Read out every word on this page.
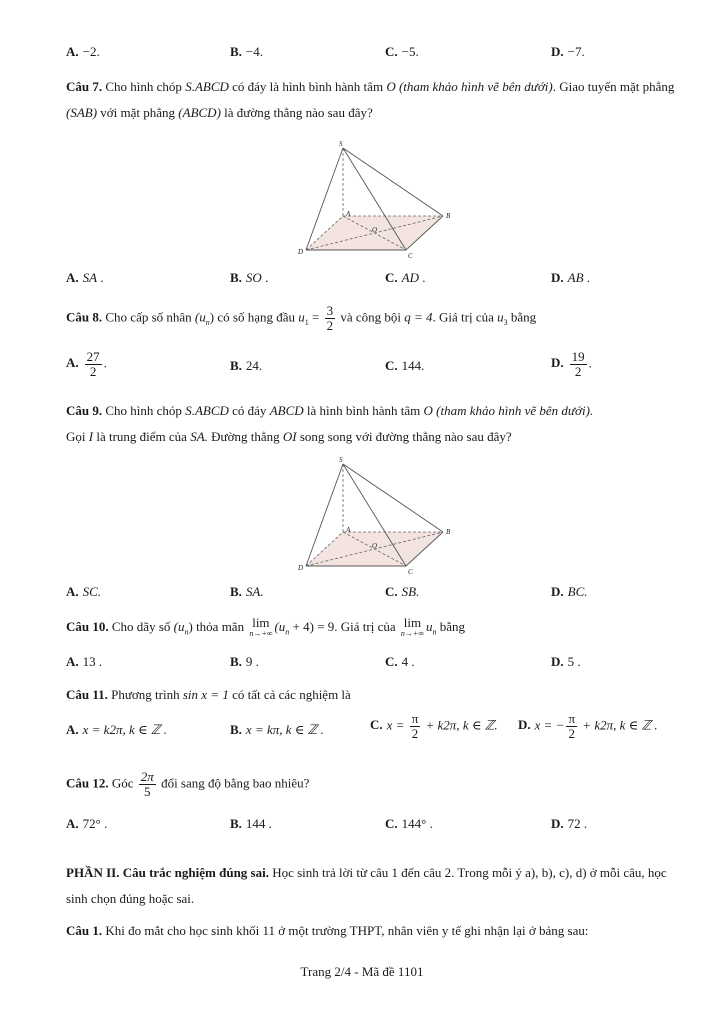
A. −2.	B. −4.	C. −5.	D. −7.
Câu 7. Cho hình chóp S.ABCD có đáy là hình bình hành tâm O (tham khảo hình vẽ bên dưới). Giao tuyến mặt phẳng (SAB) với mặt phẳng (ABCD) là đường thẳng nào sau đây?
S
A	B
C
D
O
A. SA .	B. SO .	C. AD .	D. AB .
Câu 8. Cho cấp số nhân $(u_n)$ có số hạng đầu $u_1 = \frac{3}{2}$ và công bội q = 4. Giá trị của $u_3$ bằng
A. $\frac{27}{2}$ .	B. 24.	C. 144.	D. $\frac{19}{2}$ .
Câu 9. Cho hình chóp S.ABCD có đáy ABCD là hình bình hành tâm O (tham khảo hình vẽ bên dưới).
Gọi I là trung điểm của SA. Đường thẳng OI song song với đường thẳng nào sau đây?
S
A	B
C
D
O
A. SC.	B. SA.	C. SB.	D. BC.
Câu 10. Cho dãy số $(u_n)$ thỏa mãn lim
n→+∞ $(u_n + 4) = 9$. Giá trị của lim
n→+∞ $u_n$ bằng
A. 13 .	B. 9 .	C. 4 .	D. 5 .
Câu 11. Phương trình sin x = 1 có tất cả các nghiệm là
A. x = k2π, k ∈ ℤ .	B. x = kπ, k ∈ ℤ .	C. $x = \frac{\pi}{2} + k2\pi$, k ∈ ℤ. D. x = − $\frac{\pi}{2} + k2\pi$, k ∈ ℤ .
Câu 12. Góc $\frac{2\pi}{5}$ đổi sang độ bằng bao nhiêu?
A. 72° .	B. 144 .	C. 144° .	D. 72 .
PHẦN II. Câu trắc nghiệm đúng sai. Học sinh trả lời từ câu 1 đến câu 2. Trong mỗi ý a), b), c), d) ở mỗi câu, học sinh chọn đúng hoặc sai.
Câu 1. Khi đo mắt cho học sinh khối 11 ở một trường THPT, nhân viên y tế ghi nhận lại ở bảng sau:
Trang 2/4 - Mã đề 1101
